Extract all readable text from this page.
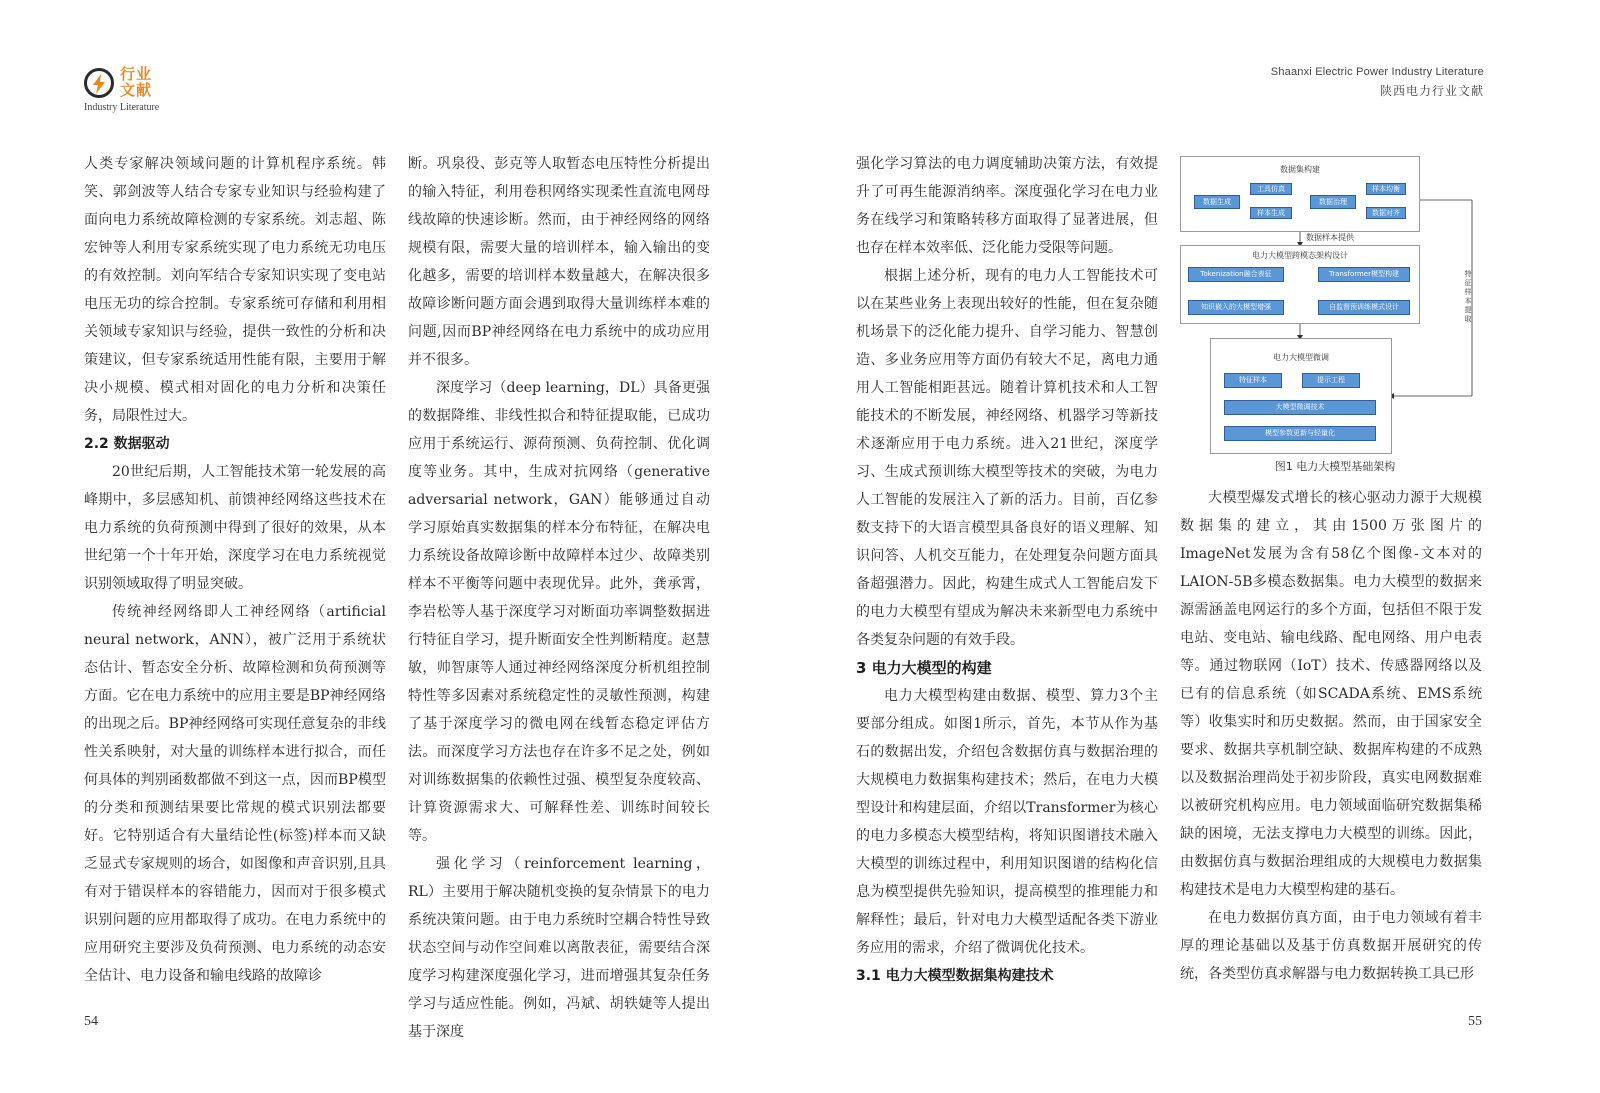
行业
文献
Industry Literature

人类专家解决领域问题的计算机程序系统。韩笑、郭剑波等人结合专家专业知识与经验构建了面向电力系统故障检测的专家系统。刘志超、陈宏钟等人利用专家系统实现了电力系统无功电压的有效控制。刘向军结合专家知识实现了变电站电压无功的综合控制。专家系统可存储和利用相关领域专家知识与经验，提供一致性的分析和决策建议，但专家系统适用性能有限，主要用于解决小规模、模式相对固化的电力分析和决策任务，局限性过大。

2.2 数据驱动

20世纪后期，人工智能技术第一轮发展的高峰期中，多层感知机、前馈神经网络这些技术在电力系统的负荷预测中得到了很好的效果，从本世纪第一个十年开始，深度学习在电力系统视觉识别领域取得了明显突破。

传统神经网络即人工神经网络（artificial neural network，ANN），被广泛用于系统状态估计、暂态安全分析、故障检测和负荷预测等方面。它在电力系统中的应用主要是BP神经网络的出现之后。BP神经网络可实现任意复杂的非线性关系映射，对大量的训练样本进行拟合，而任何具体的判别函数都做不到这一点，因而BP模型的分类和预测结果要比常规的模式识别法都要好。它特别适合有大量结论性(标签)样本而又缺乏显式专家规则的场合，如图像和声音识别,且具有对于错误样本的容错能力，因而对于很多模式识别问题的应用都取得了成功。在电力系统中的应用研究主要涉及负荷预测、电力系统的动态安全估计、电力设备和输电线路的故障诊

断。巩泉役、彭克等人取暂态电压特性分析提出的输入特征，利用卷积网络实现柔性直流电网母线故障的快速诊断。然而，由于神经网络的网络规模有限，需要大量的培训样本，输入输出的变化越多，需要的培训样本数量越大，在解决很多故障诊断问题方面会遇到取得大量训练样本难的问题,因而BP神经网络在电力系统中的成功应用并不很多。

深度学习（deep learning，DL）具备更强的数据降维、非线性拟合和特征提取能，已成功应用于系统运行、源荷预测、负荷控制、优化调度等业务。其中，生成对抗网络（generative adversarial network，GAN）能够通过自动学习原始真实数据集的样本分布特征，在解决电力系统设备故障诊断中故障样本过少、故障类别样本不平衡等问题中表现优异。此外，龚承霄，李岩松等人基于深度学习对断面功率调整数据进行特征自学习，提升断面安全性判断精度。赵慧敏，帅智康等人通过神经网络深度分析机组控制特性等多因素对系统稳定性的灵敏性预测，构建了基于深度学习的微电网在线暂态稳定评估方法。而深度学习方法也存在许多不足之处，例如对训练数据集的依赖性过强、模型复杂度较高、计算资源需求大、可解释性差、训练时间较长等。

强化学习（reinforcement learning，RL）主要用于解决随机变换的复杂情景下的电力系统决策问题。由于电力系统时空耦合特性导致状态空间与动作空间难以离散表征，需要结合深度学习构建深度强化学习，进而增强其复杂任务学习与适应性能。例如，冯斌、胡轶婕等人提出基于深度

54
Shaanxi Electric Power Industry Literature
陕西电力行业文献

强化学习算法的电力调度辅助决策方法，有效提升了可再生能源消纳率。深度强化学习在电力业务在线学习和策略转移方面取得了显著进展，但也存在样本效率低、泛化能力受限等问题。

根据上述分析，现有的电力人工智能技术可以在某些业务上表现出较好的性能，但在复杂随机场景下的泛化能力提升、自学习能力、智慧创造、多业务应用等方面仍有较大不足，离电力通用人工智能相距甚远。随着计算机技术和人工智能技术的不断发展，神经网络、机器学习等新技术逐渐应用于电力系统。进入21世纪，深度学习、生成式预训练大模型等技术的突破，为电力人工智能的发展注入了新的活力。目前，百亿参数支持下的大语言模型具备良好的语义理解、知识问答、人机交互能力，在处理复杂问题方面具备超强潜力。因此，构建生成式人工智能启发下的电力大模型有望成为解决未来新型电力系统中各类复杂问题的有效手段。

3 电力大模型的构建

电力大模型构建由数据、模型、算力3个主要部分组成。如图1所示，首先，本节从作为基石的数据出发，介绍包含数据仿真与数据治理的大规模电力数据集构建技术；然后，在电力大模型设计和构建层面，介绍以Transformer为核心的电力多模态大模型结构，将知识图谱技术融入大模型的训练过程中，利用知识图谱的结构化信息为模型提供先验知识，提高模型的推理能力和解释性；最后，针对电力大模型适配各类下游业务应用的需求，介绍了微调优化技术。

3.1 电力大模型数据集构建技术
数据集构建
数据生成
工具仿真
样本生成
数据治理
样本均衡
数据对齐
数据样本提供
电力大模型跨模态架构设计
Tokenization融合表征	Transformer模型构建
知识嵌入的大模型增强	自监督预训练模式设计
电力大模型微调
特征样本	提示工程
大模型微调技术
模型参数更新与轻量化
特征样本提取
图1 电力大模型基础架构

大模型爆发式增长的核心驱动力源于大规模数据集的建立，其由1500万张图片的ImageNet发展为含有58亿个图像-文本对的LAION-5B多模态数据集。电力大模型的数据来源需涵盖电网运行的多个方面，包括但不限于发电站、变电站、输电线路、配电网络、用户电表等。通过物联网（IoT）技术、传感器网络以及已有的信息系统（如SCADA系统、EMS系统等）收集实时和历史数据。然而，由于国家安全要求、数据共享机制空缺、数据库构建的不成熟以及数据治理尚处于初步阶段，真实电网数据难以被研究机构应用。电力领域面临研究数据集稀缺的困境，无法支撑电力大模型的训练。因此，由数据仿真与数据治理组成的大规模电力数据集构建技术是电力大模型构建的基石。

在电力数据仿真方面，由于电力领域有着丰厚的理论基础以及基于仿真数据开展研究的传统，各类型仿真求解器与电力数据转换工具已形

55
